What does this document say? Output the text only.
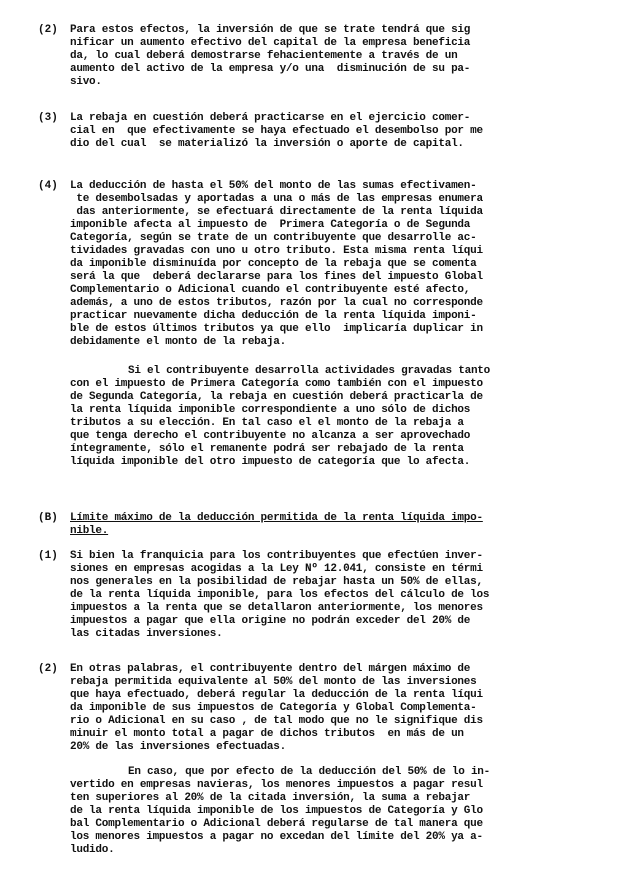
(2) Para estos efectos, la inversión de que se trate tendrá que sig
nificar un aumento efectivo del capital de la empresa beneficia
da, lo cual deberá demostrarse fehacientemente a través de un
aumento del activo de la empresa y/o una  disminución de su pa-
sivo.
(3) La rebaja en cuestión deberá practicarse en el ejercicio comer-
cial en  que efectivamente se haya efectuado el desembolso por me
dio del cual  se materializó la inversión o aporte de capital.
(4) La deducción de hasta el 50% del monto de las sumas efectivamen-
te desembolsadas y aportadas a una o más de las empresas enumera
das anteriormente, se efectuará directamente de la renta líquida
imponible afecta al impuesto de  Primera Categoría o de Segunda
Categoría, según se trate de un contribuyente que desarrolle ac-
tividades gravadas con uno u otro tributo. Esta misma renta líqui
da imponible disminuída por concepto de la rebaja que se comenta
será la que  deberá declararse para los fines del impuesto Global
Complementario o Adicional cuando el contribuyente esté afecto,
además, a uno de estos tributos, razón por la cual no corresponde
practicar nuevamente dicha deducción de la renta líquida imponi-
ble de estos últimos tributos ya que ello  implicaría duplicar in
debidamente el monto de la rebaja.
Si el contribuyente desarrolla actividades gravadas tanto
con el impuesto de Primera Categoría como también con el impuesto
de Segunda Categoría, la rebaja en cuestión deberá practicarla de
la renta líquida imponible correspondiente a uno sólo de dichos
tributos a su elección. En tal caso el el monto de la rebaja a
que tenga derecho el contribuyente no alcanza a ser aprovechado
íntegramente, sólo el remanente podrá ser rebajado de la renta
líquida imponible del otro impuesto de categoría que lo afecta.
(B) Límite máximo de la deducción permitida de la renta líquida impo-
nible.
(1) Si bien la franquicia para los contribuyentes que efectúen inver-
siones en empresas acogidas a la Ley Nº 12.041, consiste en térmi
nos generales en la posibilidad de rebajar hasta un 50% de ellas,
de la renta líquida imponible, para los efectos del cálculo de los
impuestos a la renta que se detallaron anteriormente, los menores
impuestos a pagar que ella origine no podrán exceder del 20% de
las citadas inversiones.
(2) En otras palabras, el contribuyente dentro del márgen máximo de
rebaja permitida equivalente al 50% del monto de las inversiones
que haya efectuado, deberá regular la deducción de la renta líqui
da imponible de sus impuestos de Categoría y Global Complementa-
rio o Adicional en su caso , de tal modo que no le signifique dis
minuir el monto total a pagar de dichos tributos  en más de un
20% de las inversiones efectuadas.
En caso, que por efecto de la deducción del 50% de lo in-
vertido en empresas navieras, los menores impuestos a pagar resul
ten superiores al 20% de la citada inversión, la suma a rebajar
de la renta líquida imponible de los impuestos de Categoría y Glo
bal Complementario o Adicional deberá regularse de tal manera que
los menores impuestos a pagar no excedan del límite del 20% ya a-
ludido.
